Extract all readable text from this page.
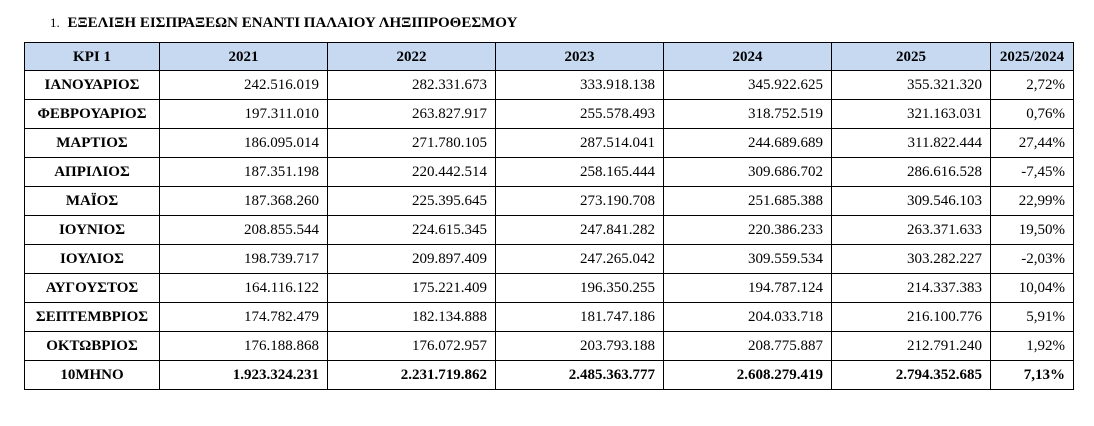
1. ΕΞΕΛΙΞΗ ΕΙΣΠΡΑΞΕΩΝ ΕΝΑΝΤΙ ΠΑΛΑΙΟΥ ΛΗΞΙΠΡΟΘΕΣΜΟΥ
KPI 1	2021	2022	2023	2024	2025	2025/2024
ΙΑΝΟΥΑΡΙΟΣ	242.516.019	282.331.673	333.918.138	345.922.625	355.321.320	2,72%
ΦΕΒΡΟΥΑΡΙΟΣ	197.311.010	263.827.917	255.578.493	318.752.519	321.163.031	0,76%
ΜΑΡΤΙΟΣ	186.095.014	271.780.105	287.514.041	244.689.689	311.822.444	27,44%
ΑΠΡΙΛΙΟΣ	187.351.198	220.442.514	258.165.444	309.686.702	286.616.528	-7,45%
ΜΑΪΟΣ	187.368.260	225.395.645	273.190.708	251.685.388	309.546.103	22,99%
ΙΟΥΝΙΟΣ	208.855.544	224.615.345	247.841.282	220.386.233	263.371.633	19,50%
ΙΟΥΛΙΟΣ	198.739.717	209.897.409	247.265.042	309.559.534	303.282.227	-2,03%
ΑΥΓΟΥΣΤΟΣ	164.116.122	175.221.409	196.350.255	194.787.124	214.337.383	10,04%
ΣΕΠΤΕΜΒΡΙΟΣ	174.782.479	182.134.888	181.747.186	204.033.718	216.100.776	5,91%
ΟΚΤΩΒΡΙΟΣ	176.188.868	176.072.957	203.793.188	208.775.887	212.791.240	1,92%
10ΜΗΝΟ	1.923.324.231	2.231.719.862	2.485.363.777	2.608.279.419	2.794.352.685	7,13%
